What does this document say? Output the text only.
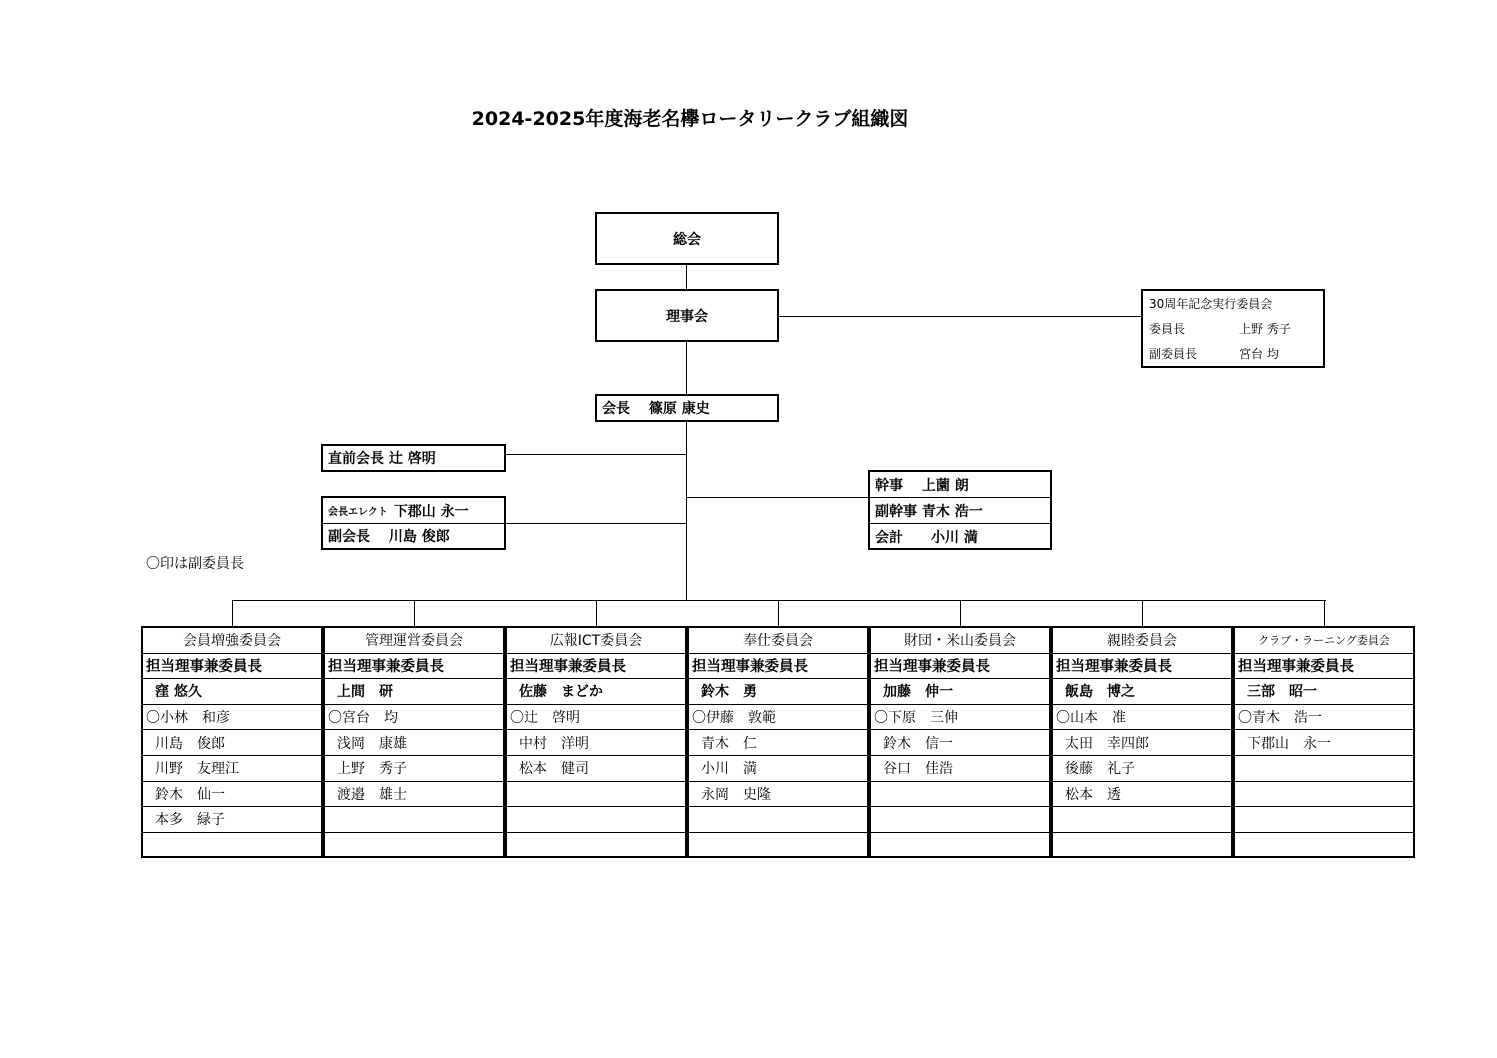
2024-2025年度海老名欅ロータリークラブ組織図
総会
理事会
会長　 篠原 康史
直前会長 辻 啓明
会長エレクト 下郡山 永一
副会長　 川島 俊郎
幹事　 上薗 朗
副幹事 青木 浩一
会計　　小川 満
30周年記念実行委員会
委員長	上野 秀子
副委員長	宮台 均
〇印は副委員長
会員増強委員会
担当理事兼委員長
窪 悠久
〇小林　和彦
川島　俊郎
川野　友理江
鈴木　仙一
本多　緑子
管理運営委員会
担当理事兼委員長
上間　研
〇宮台　均
浅岡　康雄
上野　秀子
渡邉　雄士
広報ICT委員会
担当理事兼委員長
佐藤　まどか
〇辻　啓明
中村　洋明
松本　健司
奉仕委員会
担当理事兼委員長
鈴木　勇
〇伊藤　敦範
青木　仁
小川　満
永岡　史隆
財団・米山委員会
担当理事兼委員長
加藤　伸一
〇下原　三伸
鈴木　信一
谷口　佳浩
親睦委員会
担当理事兼委員長
飯島　博之
〇山本　准
太田　幸四郎
後藤　礼子
松本　透
クラブ・ラーニング委員会
担当理事兼委員長
三部　昭一
〇青木　浩一
下郡山　永一
